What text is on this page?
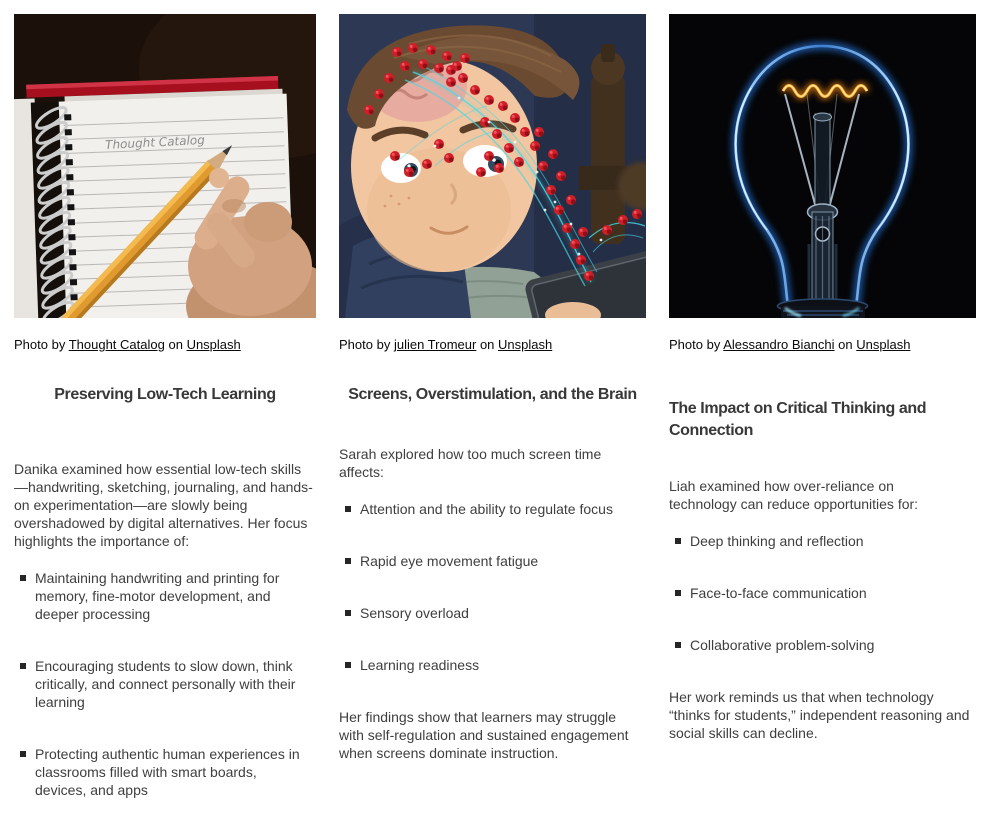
Thought Catalog

Photo by Thought Catalog on Unsplash

Preserving Low-Tech Learning

Danika examined how essential low-tech skills —handwriting, sketching, journaling, and hands-on experimentation—are slowly being overshadowed by digital alternatives. Her focus highlights the importance of:

Maintaining handwriting and printing for memory, fine-motor development, and deeper processing
Encouraging students to slow down, think critically, and connect personally with their learning
Protecting authentic human experiences in classrooms filled with smart boards, devices, and apps

Photo by julien Tromeur on Unsplash

Screens, Overstimulation, and the Brain

Sarah explored how too much screen time affects:

Attention and the ability to regulate focus
Rapid eye movement fatigue
Sensory overload
Learning readiness

Her findings show that learners may struggle with self-regulation and sustained engagement when screens dominate instruction.

Photo by Alessandro Bianchi on Unsplash

The Impact on Critical Thinking and Connection

Liah examined how over-reliance on technology can reduce opportunities for:

Deep thinking and reflection
Face-to-face communication
Collaborative problem-solving

Her work reminds us that when technology “thinks for students,” independent reasoning and social skills can decline.
